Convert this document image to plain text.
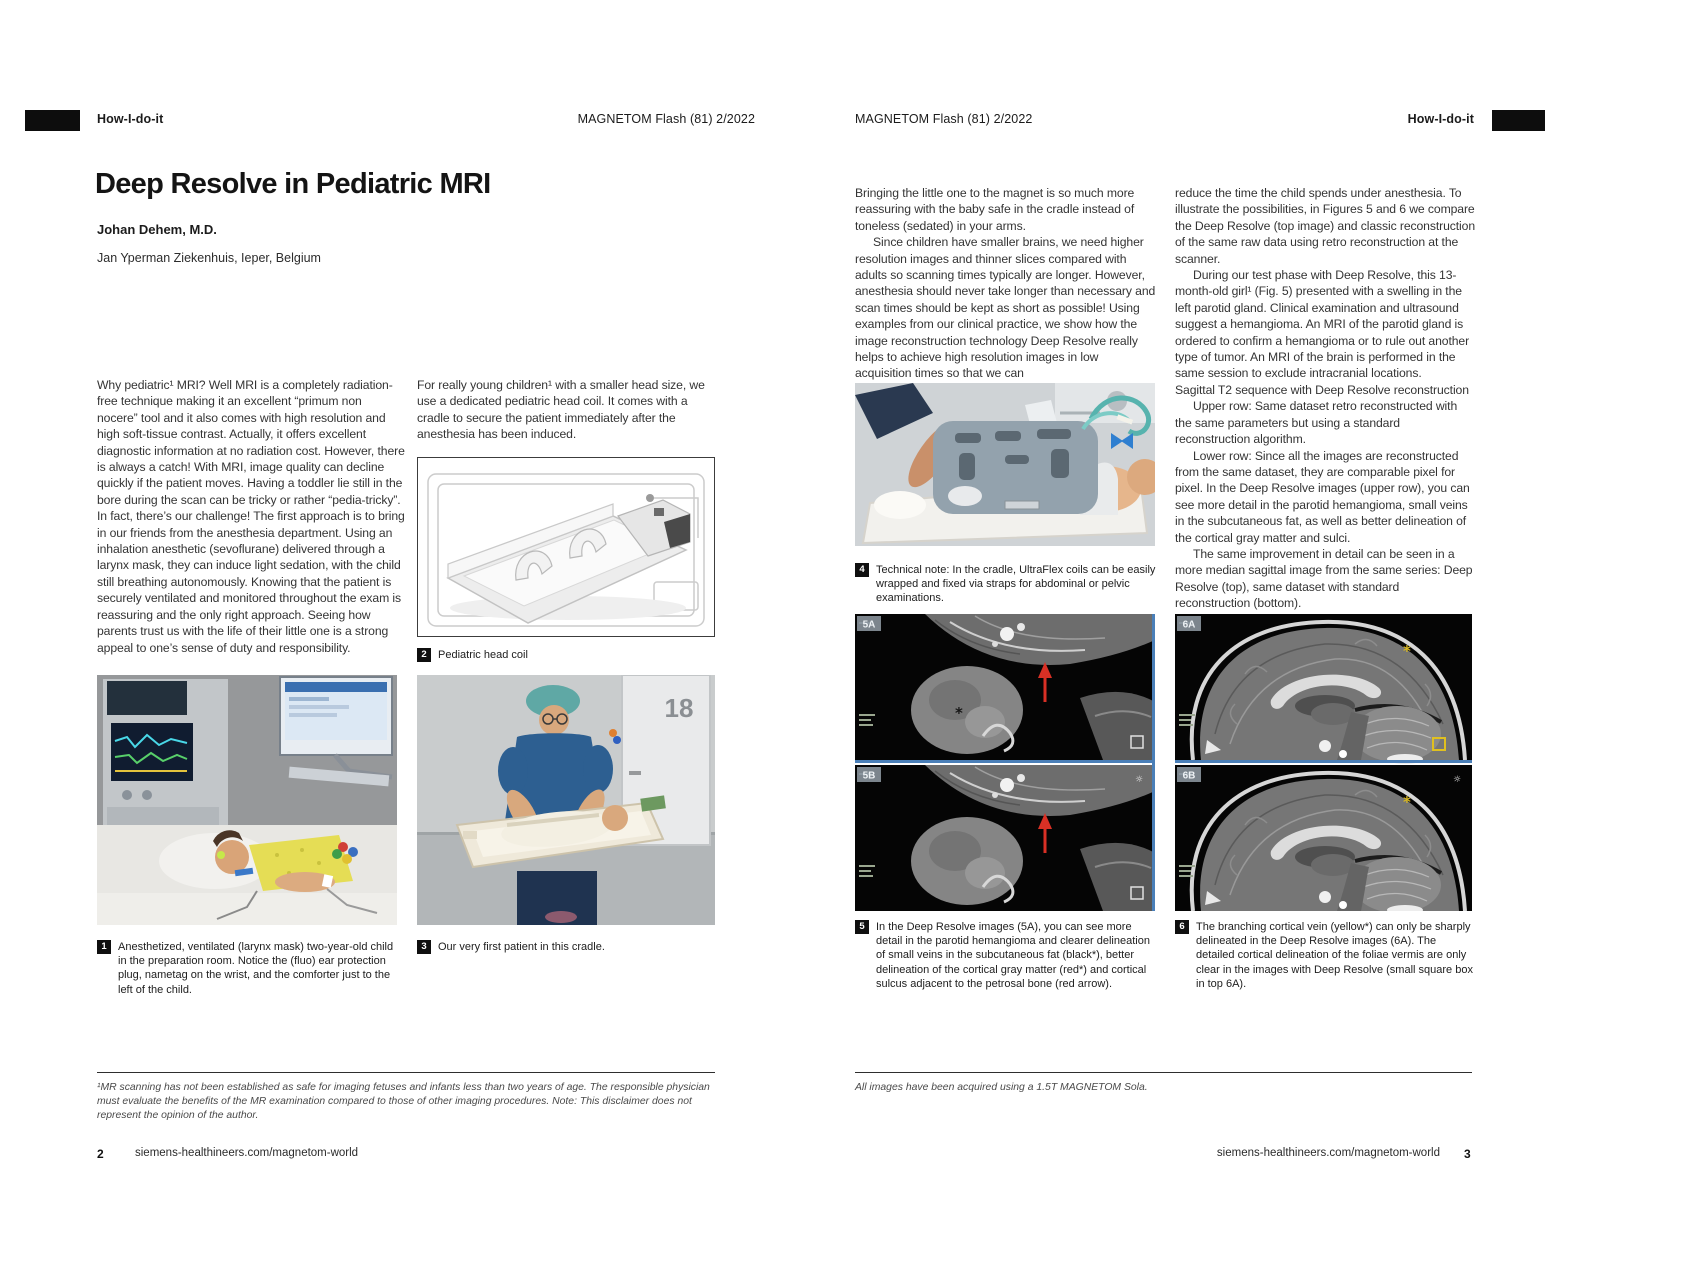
How-I-do-it	MAGNETOM Flash (81) 2/2022
Deep Resolve in Pediatric MRI
Johan Dehem, M.D.
Jan Yperman Ziekenhuis, Ieper, Belgium
Why pediatric¹ MRI? Well MRI is a completely radiation-free technique making it an excellent “primum non nocere” tool and it also comes with high resolution and high soft-tissue contrast. Actually, it offers excellent diagnostic information at no radiation cost. However, there is always a catch! With MRI, image quality can decline quickly if the patient moves. Having a toddler lie still in the bore during the scan can be tricky or rather “pedia-tricky”. In fact, there’s our challenge! The first approach is to bring in our friends from the anesthesia department. Using an inhalation anesthetic (sevoflurane) delivered through a larynx mask, they can induce light sedation, with the child still breathing autonomously. Knowing that the patient is securely ventilated and monitored throughout the exam is reassuring and the only right approach. Seeing how parents trust us with the life of their little one is a strong appeal to one’s sense of duty and responsibility.
For really young children¹ with a smaller head size, we use a dedicated pediatric head coil. It comes with a cradle to secure the patient immediately after the anesthesia has been induced.
2	Pediatric head coil
1	Anesthetized, ventilated (larynx mask) two-year-old child in the preparation room. Notice the (fluo) ear protection plug, nametag on the wrist, and the comforter just to the left of the child.
18
3	Our very first patient in this cradle.
¹MR scanning has not been established as safe for imaging fetuses and infants less than two years of age. The responsible physician must evaluate the benefits of the MR examination compared to those of other imaging procedures. Note: This disclaimer does not represent the opinion of the author.
2	siemens-healthineers.com/magnetom-world
MAGNETOM Flash (81) 2/2022	How-I-do-it

Bringing the little one to the magnet is so much more reassuring with the baby safe in the cradle instead of toneless (sedated) in your arms.

Since children have smaller brains, we need higher resolution images and thinner slices compared with adults so scanning times typically are longer. However, anesthesia should never take longer than necessary and scan times should be kept as short as possible! Using examples from our clinical practice, we show how the image reconstruction technology Deep Resolve really helps to achieve high resolution images in low acquisition times so that we can

reduce the time the child spends under anesthesia. To illustrate the possibilities, in Figures 5 and 6 we compare the Deep Resolve (top image) and classic reconstruction of the same raw data using retro reconstruction at the scanner.

During our test phase with Deep Resolve, this 13-month-old girl¹ (Fig. 5) presented with a swelling in the left parotid gland. Clinical examination and ultrasound suggest a hemangioma. An MRI of the parotid gland is ordered to confirm a hemangioma or to rule out another type of tumor. An MRI of the brain is performed in the same session to exclude intracranial locations.

Sagittal T2 sequence with Deep Resolve reconstruction

Upper row: Same dataset retro reconstructed with the same parameters but using a standard reconstruction algorithm.

Lower row: Since all the images are reconstructed from the same dataset, they are comparable pixel for pixel. In the Deep Resolve images (upper row), you can see more detail in the parotid hemangioma, small veins in the subcutaneous fat, as well as better delineation of the cortical gray matter and sulci.

The same improvement in detail can be seen in a more median sagittal image from the same series: Deep Resolve (top), same dataset with standard reconstruction (bottom).

4	Technical note: In the cradle, UltraFlex coils can be easily wrapped and fixed via straps for abdominal or pelvic examinations.
*
☼
5A
5B
*
*
☼
6A
6B
5	In the Deep Resolve images (5A), you can see more detail in the parotid hemangioma and clearer delineation of small veins in the subcutaneous fat (black*), better delineation of the cortical gray matter (red*) and cortical sulcus adjacent to the petrosal bone (red arrow).
6	The branching cortical vein (yellow*) can only be sharply delineated in the Deep Resolve images (6A). The detailed cortical delineation of the foliae vermis are only clear in the images with Deep Resolve (small square box in top 6A).
All images have been acquired using a 1.5T MAGNETOM Sola.
siemens-healthineers.com/magnetom-world 3
